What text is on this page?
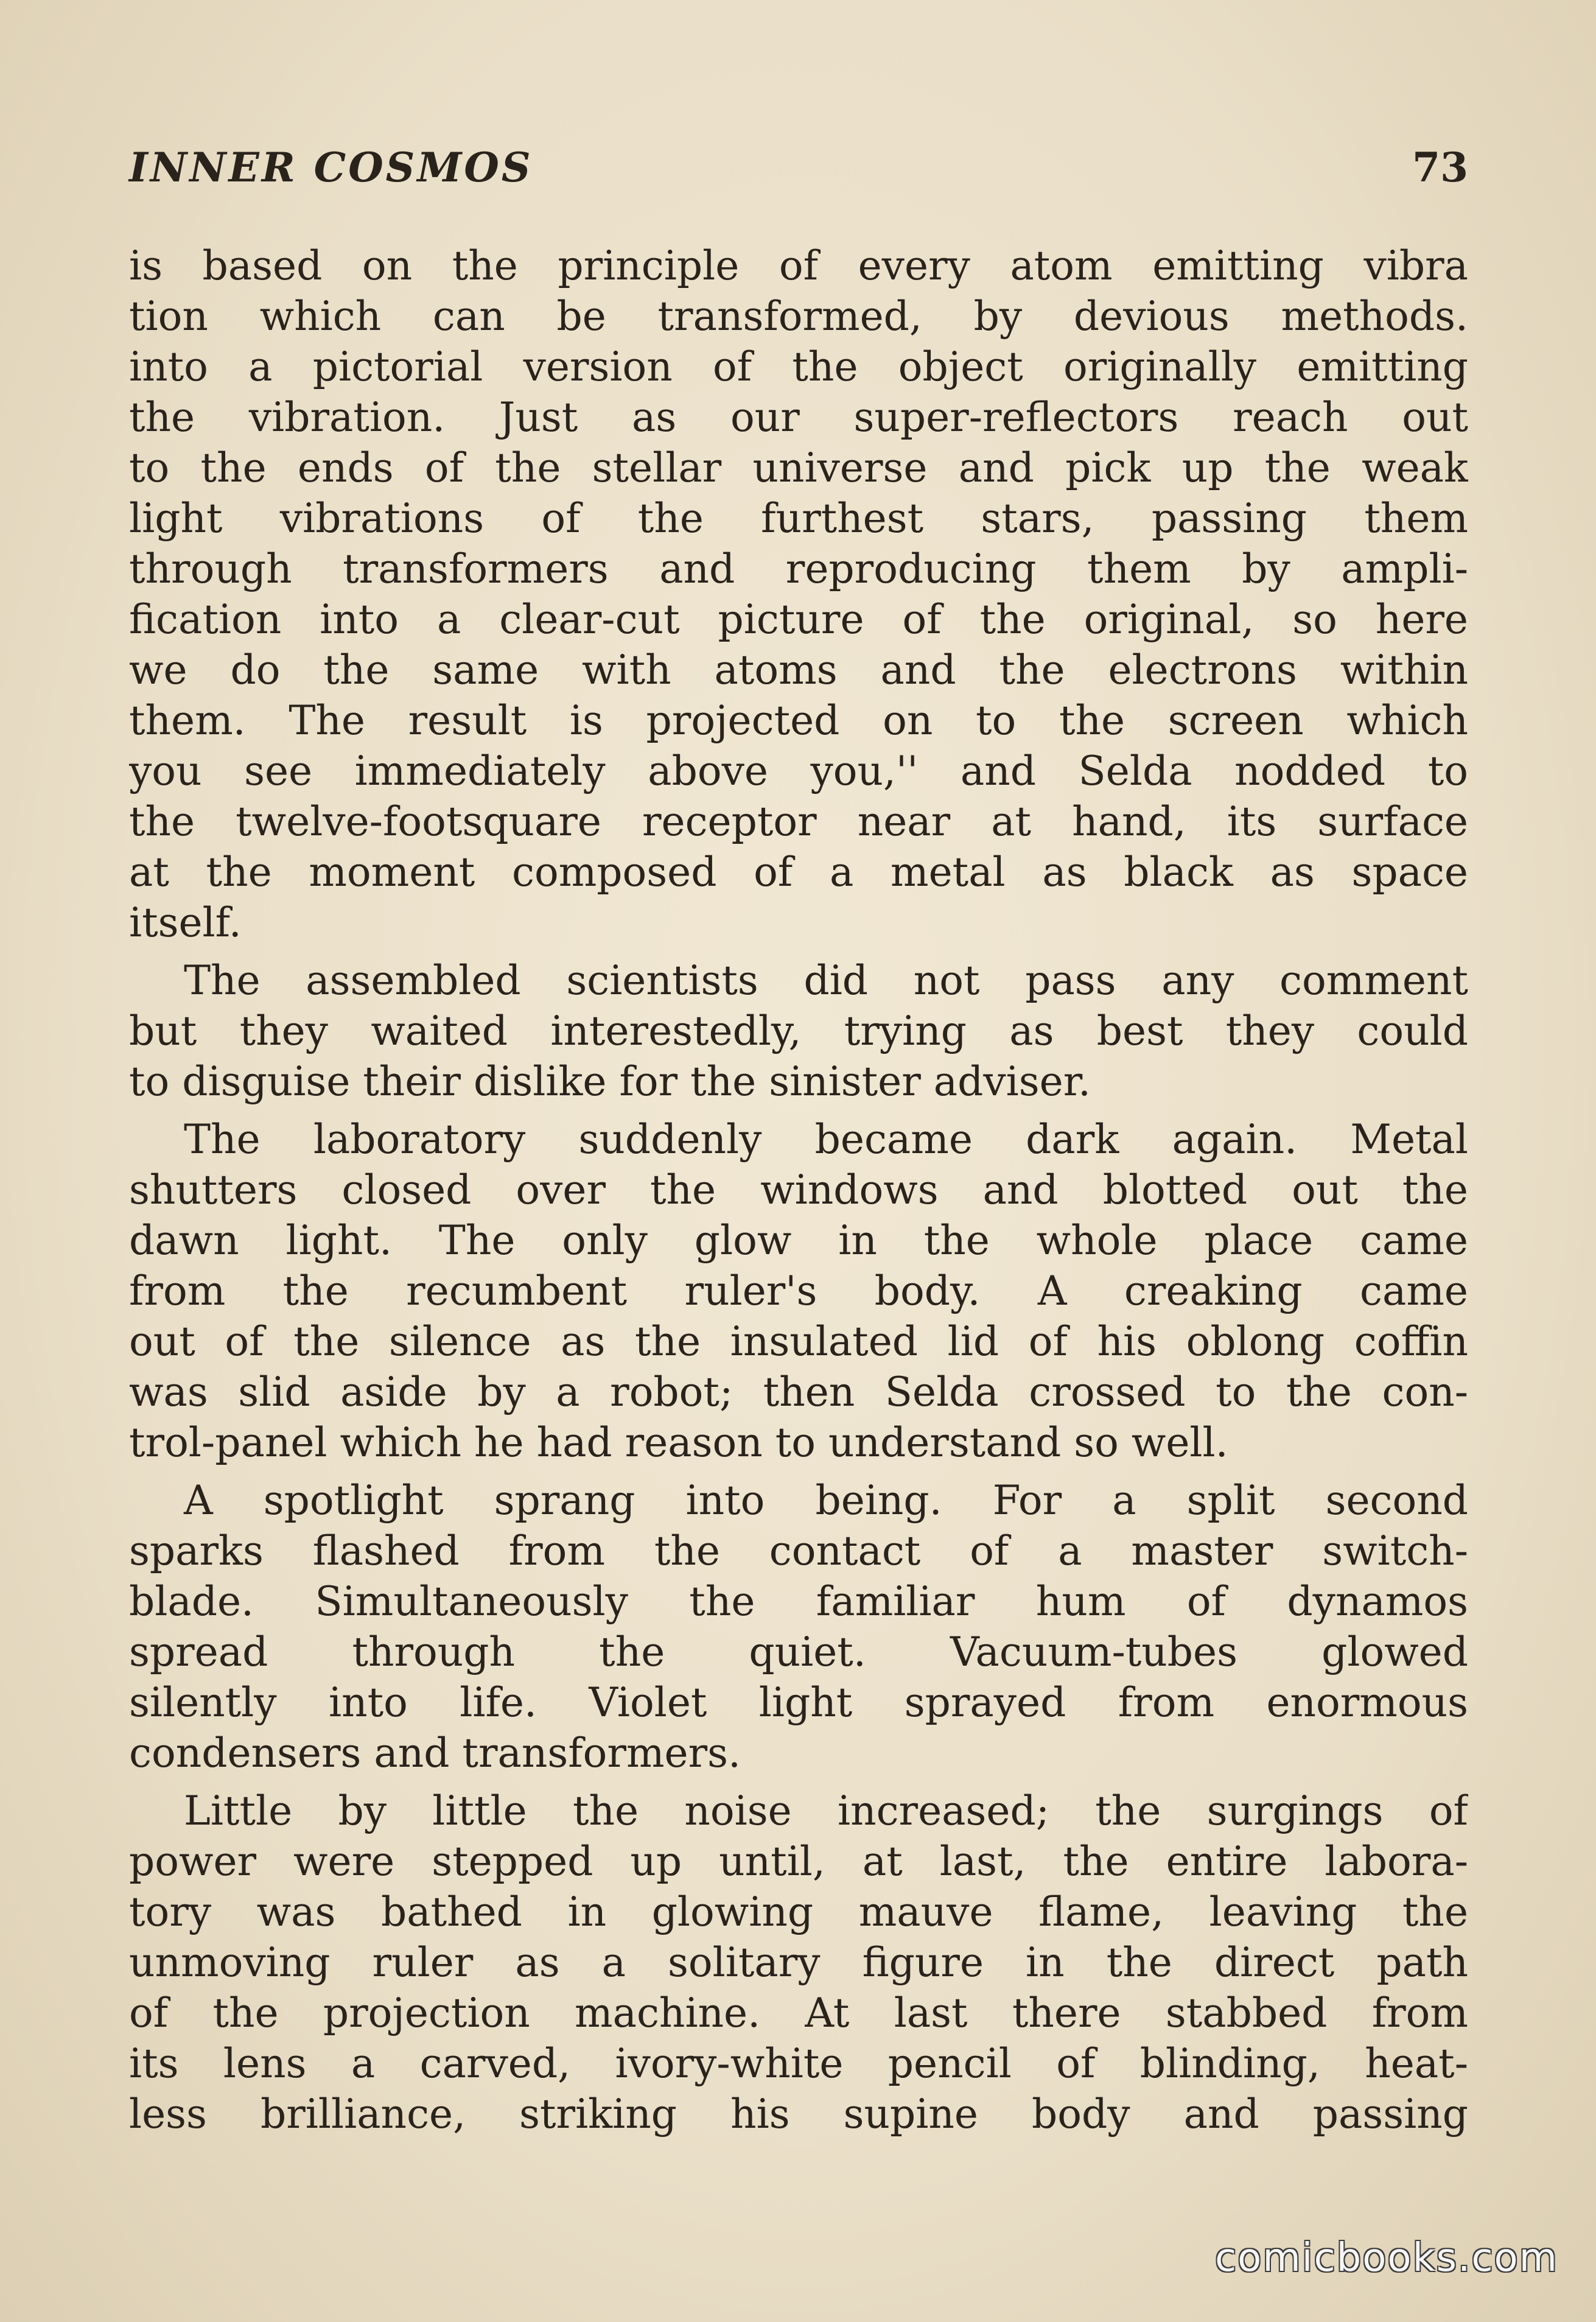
INNER COSMOS	73
is based on the principle of every atom emitting vibra
tion which can be transformed, by devious methods.
into a pictorial version of the object originally emitting
the vibration. Just as our super-reflectors reach out
to the ends of the stellar universe and pick up the weak
light vibrations of the furthest stars, passing them
through transformers and reproducing them by ampli-
fication into a clear-cut picture of the original, so here
we do the same with atoms and the electrons within
them. The result is projected on to the screen which
you see immediately above you,'' and Selda nodded to
the twelve-footsquare receptor near at hand, its surface
at the moment composed of a metal as black as space
itself.
The assembled scientists did not pass any comment
but they waited interestedly, trying as best they could
to disguise their dislike for the sinister adviser.
The laboratory suddenly became dark again. Metal
shutters closed over the windows and blotted out the
dawn light. The only glow in the whole place came
from the recumbent ruler's body. A creaking came
out of the silence as the insulated lid of his oblong coffin
was slid aside by a robot; then Selda crossed to the con-
trol-panel which he had reason to understand so well.
A spotlight sprang into being. For a split second
sparks flashed from the contact of a master switch-
blade. Simultaneously the familiar hum of dynamos
spread through the quiet. Vacuum-tubes glowed
silently into life. Violet light sprayed from enormous
condensers and transformers.
Little by little the noise increased; the surgings of
power were stepped up until, at last, the entire labora-
tory was bathed in glowing mauve flame, leaving the
unmoving ruler as a solitary figure in the direct path
of the projection machine. At last there stabbed from
its lens a carved, ivory-white pencil of blinding, heat-
less brilliance, striking his supine body and passing
comicbooks.com
